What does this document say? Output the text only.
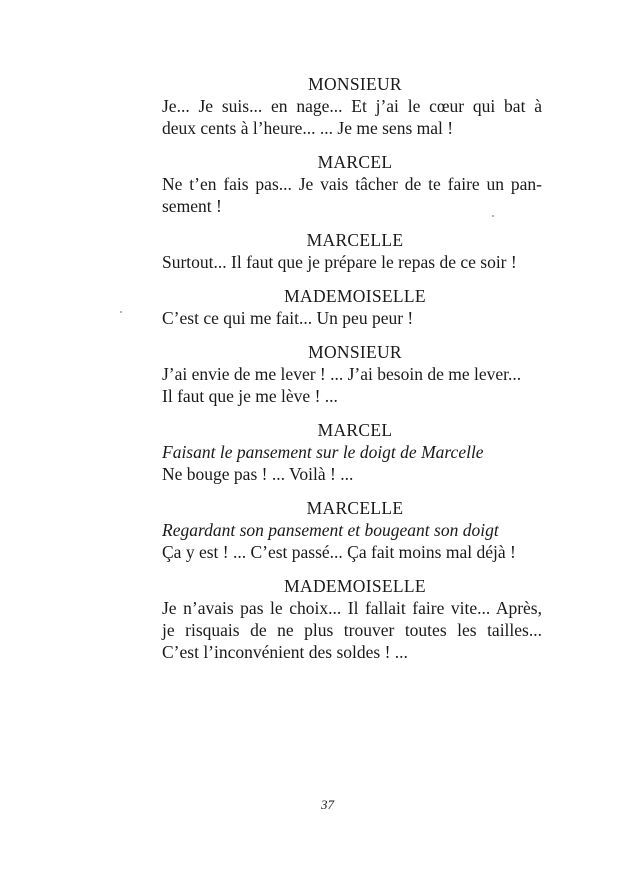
MONSIEUR
Je... Je suis... en nage... Et j’ai le cœur qui bat à
deux cents à l’heure... ... Je me sens mal !
MARCEL
Ne t’en fais pas... Je vais tâcher de te faire un pan-
sement !
MARCELLE
Surtout... Il faut que je prépare le repas de ce soir !
MADEMOISELLE
C’est ce qui me fait... Un peu peur !
MONSIEUR
J’ai envie de me lever ! ... J’ai besoin de me lever...
Il faut que je me lève ! ...
MARCEL
Faisant le pansement sur le doigt de Marcelle
Ne bouge pas ! ... Voilà ! ...
MARCELLE
Regardant son pansement et bougeant son doigt
Ça y est ! ... C’est passé... Ça fait moins mal déjà !
MADEMOISELLE
Je n’avais pas le choix... Il fallait faire vite... Après,
je risquais de ne plus trouver toutes les tailles...
C’est l’inconvénient des soldes ! ...
37
